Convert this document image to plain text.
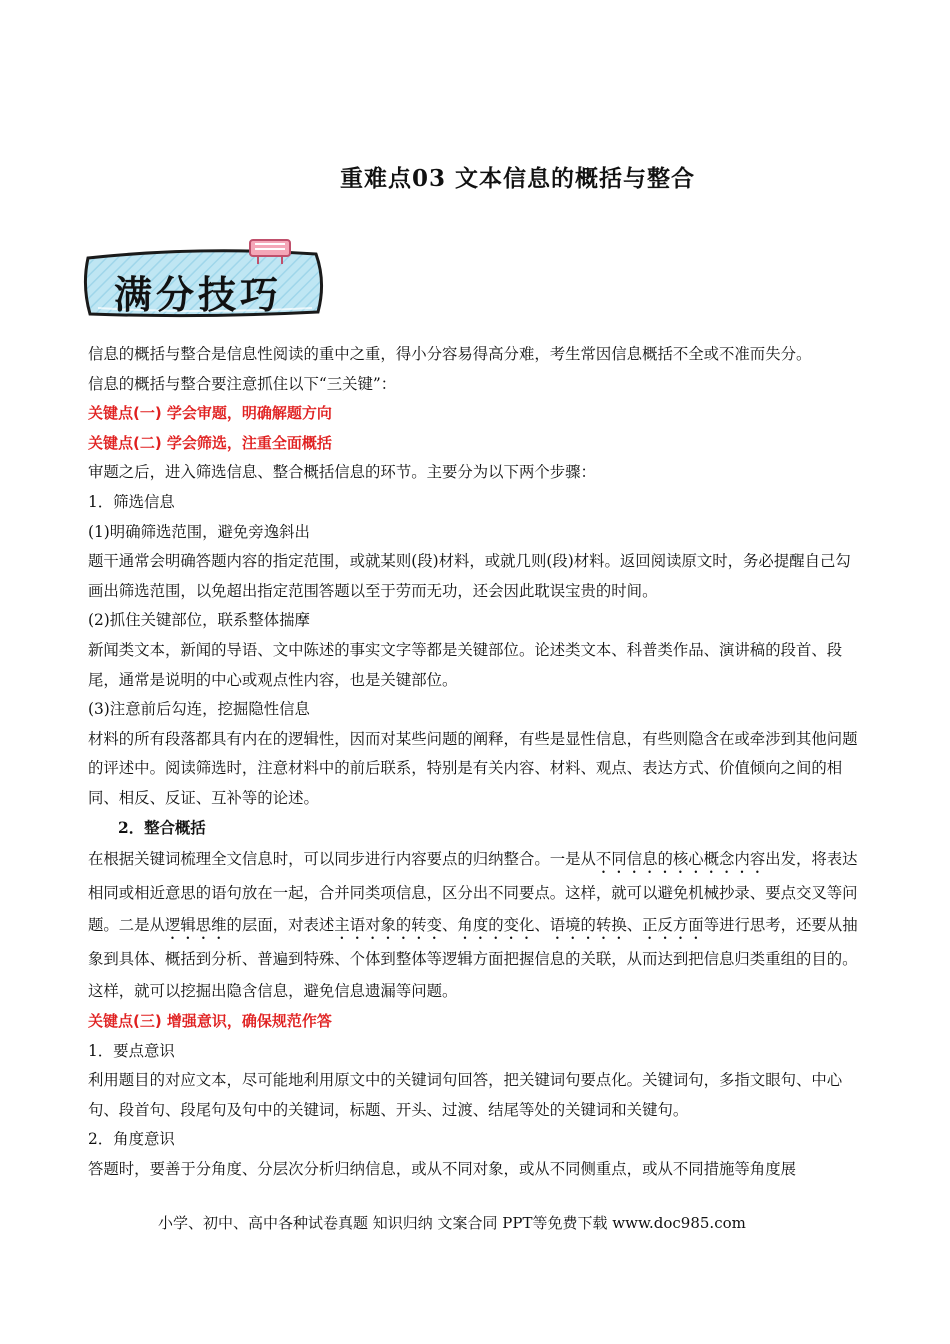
重难点03 文本信息的概括与整合
满分技巧

信息的概括与整合是信息性阅读的重中之重，得小分容易得高分难，考生常因信息概括不全或不准而失分。

信息的概括与整合要注意抓住以下“三关键”：

关键点(一) 学会审题，明确解题方向

关键点(二) 学会筛选，注重全面概括

审题之后，进入筛选信息、整合概括信息的环节。主要分为以下两个步骤：

1．筛选信息

(1)明确筛选范围，避免旁逸斜出

题干通常会明确答题内容的指定范围，或就某则(段)材料，或就几则(段)材料。返回阅读原文时，务必提醒自己勾画出筛选范围，以免超出指定范围答题以至于劳而无功，还会因此耽误宝贵的时间。

(2)抓住关键部位，联系整体揣摩

新闻类文本，新闻的导语、文中陈述的事实文字等都是关键部位。论述类文本、科普类作品、演讲稿的段首、段尾，通常是说明的中心或观点性内容，也是关键部位。

(3)注意前后勾连，挖掘隐性信息

材料的所有段落都具有内在的逻辑性，因而对某些问题的阐释，有些是显性信息，有些则隐含在或牵涉到其他问题的评述中。阅读筛选时，注意材料中的前后联系，特别是有关内容、材料、观点、表达方式、价值倾向之间的相同、相反、反证、互补等的论述。

2．整合概括

在根据关键词梳理全文信息时，可以同步进行内容要点的归纳整合。一是从不同信息的核心概念内容出发，将表达相同或相近意思的语句放在一起，合并同类项信息，区分出不同要点。这样，就可以避免机械抄录、要点交叉等问题。二是从逻辑思维的层面，对表述主语对象的转变、角度的变化、语境的转换、正反方面等进行思考，还要从抽象到具体、概括到分析、普遍到特殊、个体到整体等逻辑方面把握信息的关联，从而达到把信息归类重组的目的。这样，就可以挖掘出隐含信息，避免信息遗漏等问题。

关键点(三) 增强意识，确保规范作答

1．要点意识

利用题目的对应文本，尽可能地利用原文中的关键词句回答，把关键词句要点化。关键词句，多指文眼句、中心句、段首句、段尾句及句中的关键词，标题、开头、过渡、结尾等处的关键词和关键句。

2．角度意识

答题时，要善于分角度、分层次分析归纳信息，或从不同对象，或从不同侧重点，或从不同措施等角度展

小学、初中、高中各种试卷真题 知识归纳 文案合同 PPT等免费下载 www.doc985.com
